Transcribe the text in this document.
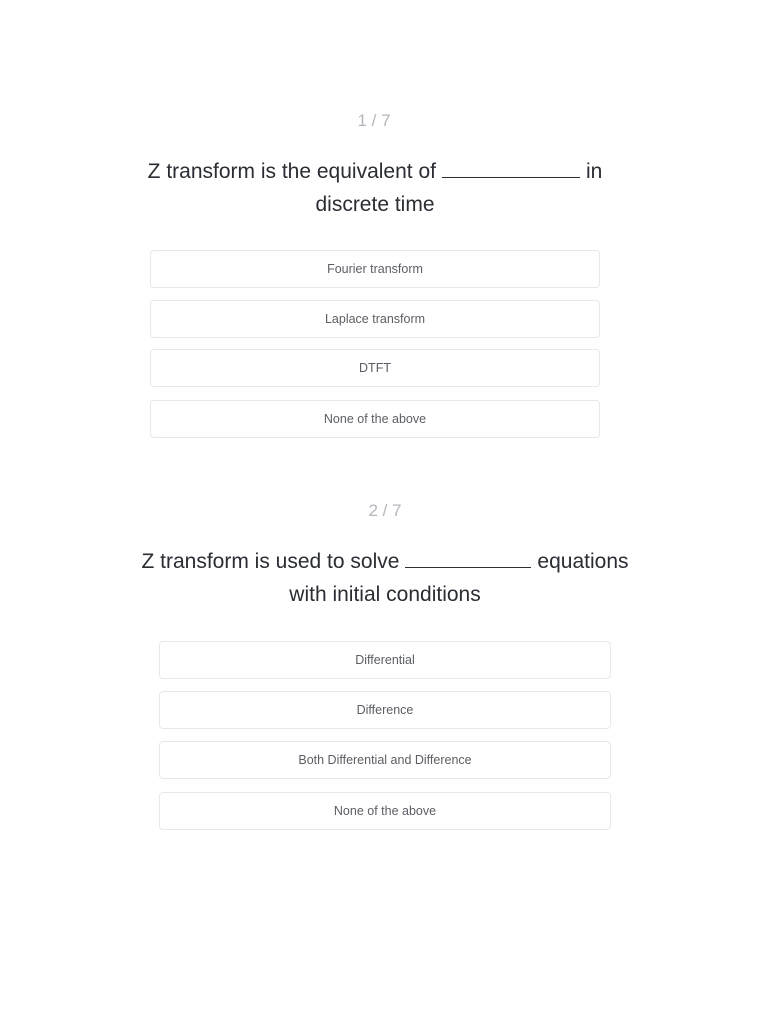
1 / 7
Z transform is the equivalent of	in
discrete time
Fourier transform
Laplace transform
DTFT
None of the above
2 / 7
Z transform is used to solve	equations
with initial conditions
Differential
Difference
Both Differential and Difference
None of the above
